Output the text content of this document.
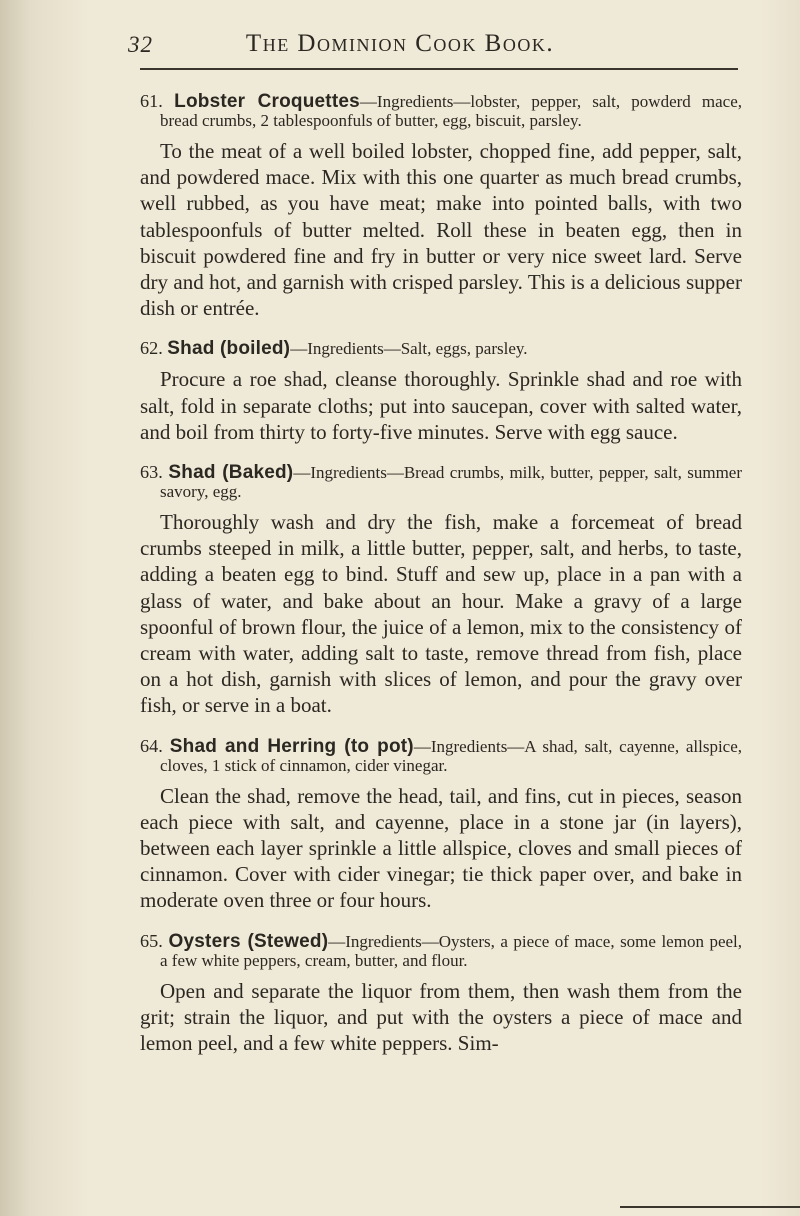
32	The Dominion Cook Book.

61. Lobster Croquettes—Ingredients—lobster, pepper, salt, powderd mace, bread crumbs, 2 tablespoonfuls of butter, egg, biscuit, parsley.

To the meat of a well boiled lobster, chopped fine, add pepper, salt, and powdered mace. Mix with this one quarter as much bread crumbs, well rubbed, as you have meat; make into pointed balls, with two tablespoonfuls of butter melted. Roll these in beaten egg, then in biscuit powdered fine and fry in butter or very nice sweet lard. Serve dry and hot, and garnish with crisped parsley. This is a delicious supper dish or entrée.

62. Shad (boiled)—Ingredients—Salt, eggs, parsley.

Procure a roe shad, cleanse thoroughly. Sprinkle shad and roe with salt, fold in separate cloths; put into saucepan, cover with salted water, and boil from thirty to forty-five minutes. Serve with egg sauce.

63. Shad (Baked)—Ingredients—Bread crumbs, milk, butter, pepper, salt, summer savory, egg.

Thoroughly wash and dry the fish, make a forcemeat of bread crumbs steeped in milk, a little butter, pepper, salt, and herbs, to taste, adding a beaten egg to bind. Stuff and sew up, place in a pan with a glass of water, and bake about an hour. Make a gravy of a large spoonful of brown flour, the juice of a lemon, mix to the consistency of cream with water, adding salt to taste, remove thread from fish, place on a hot dish, garnish with slices of lemon, and pour the gravy over fish, or serve in a boat.

64. Shad and Herring (to pot)—Ingredients—A shad, salt, cayenne, allspice, cloves, 1 stick of cinnamon, cider vinegar.

Clean the shad, remove the head, tail, and fins, cut in pieces, season each piece with salt, and cayenne, place in a stone jar (in layers), between each layer sprinkle a little allspice, cloves and small pieces of cinnamon. Cover with cider vinegar; tie thick paper over, and bake in moderate oven three or four hours.

65. Oysters (Stewed)—Ingredients—Oysters, a piece of mace, some lemon peel, a few white peppers, cream, butter, and flour.

Open and separate the liquor from them, then wash them from the grit; strain the liquor, and put with the oysters a piece of mace and lemon peel, and a few white peppers. Sim-
